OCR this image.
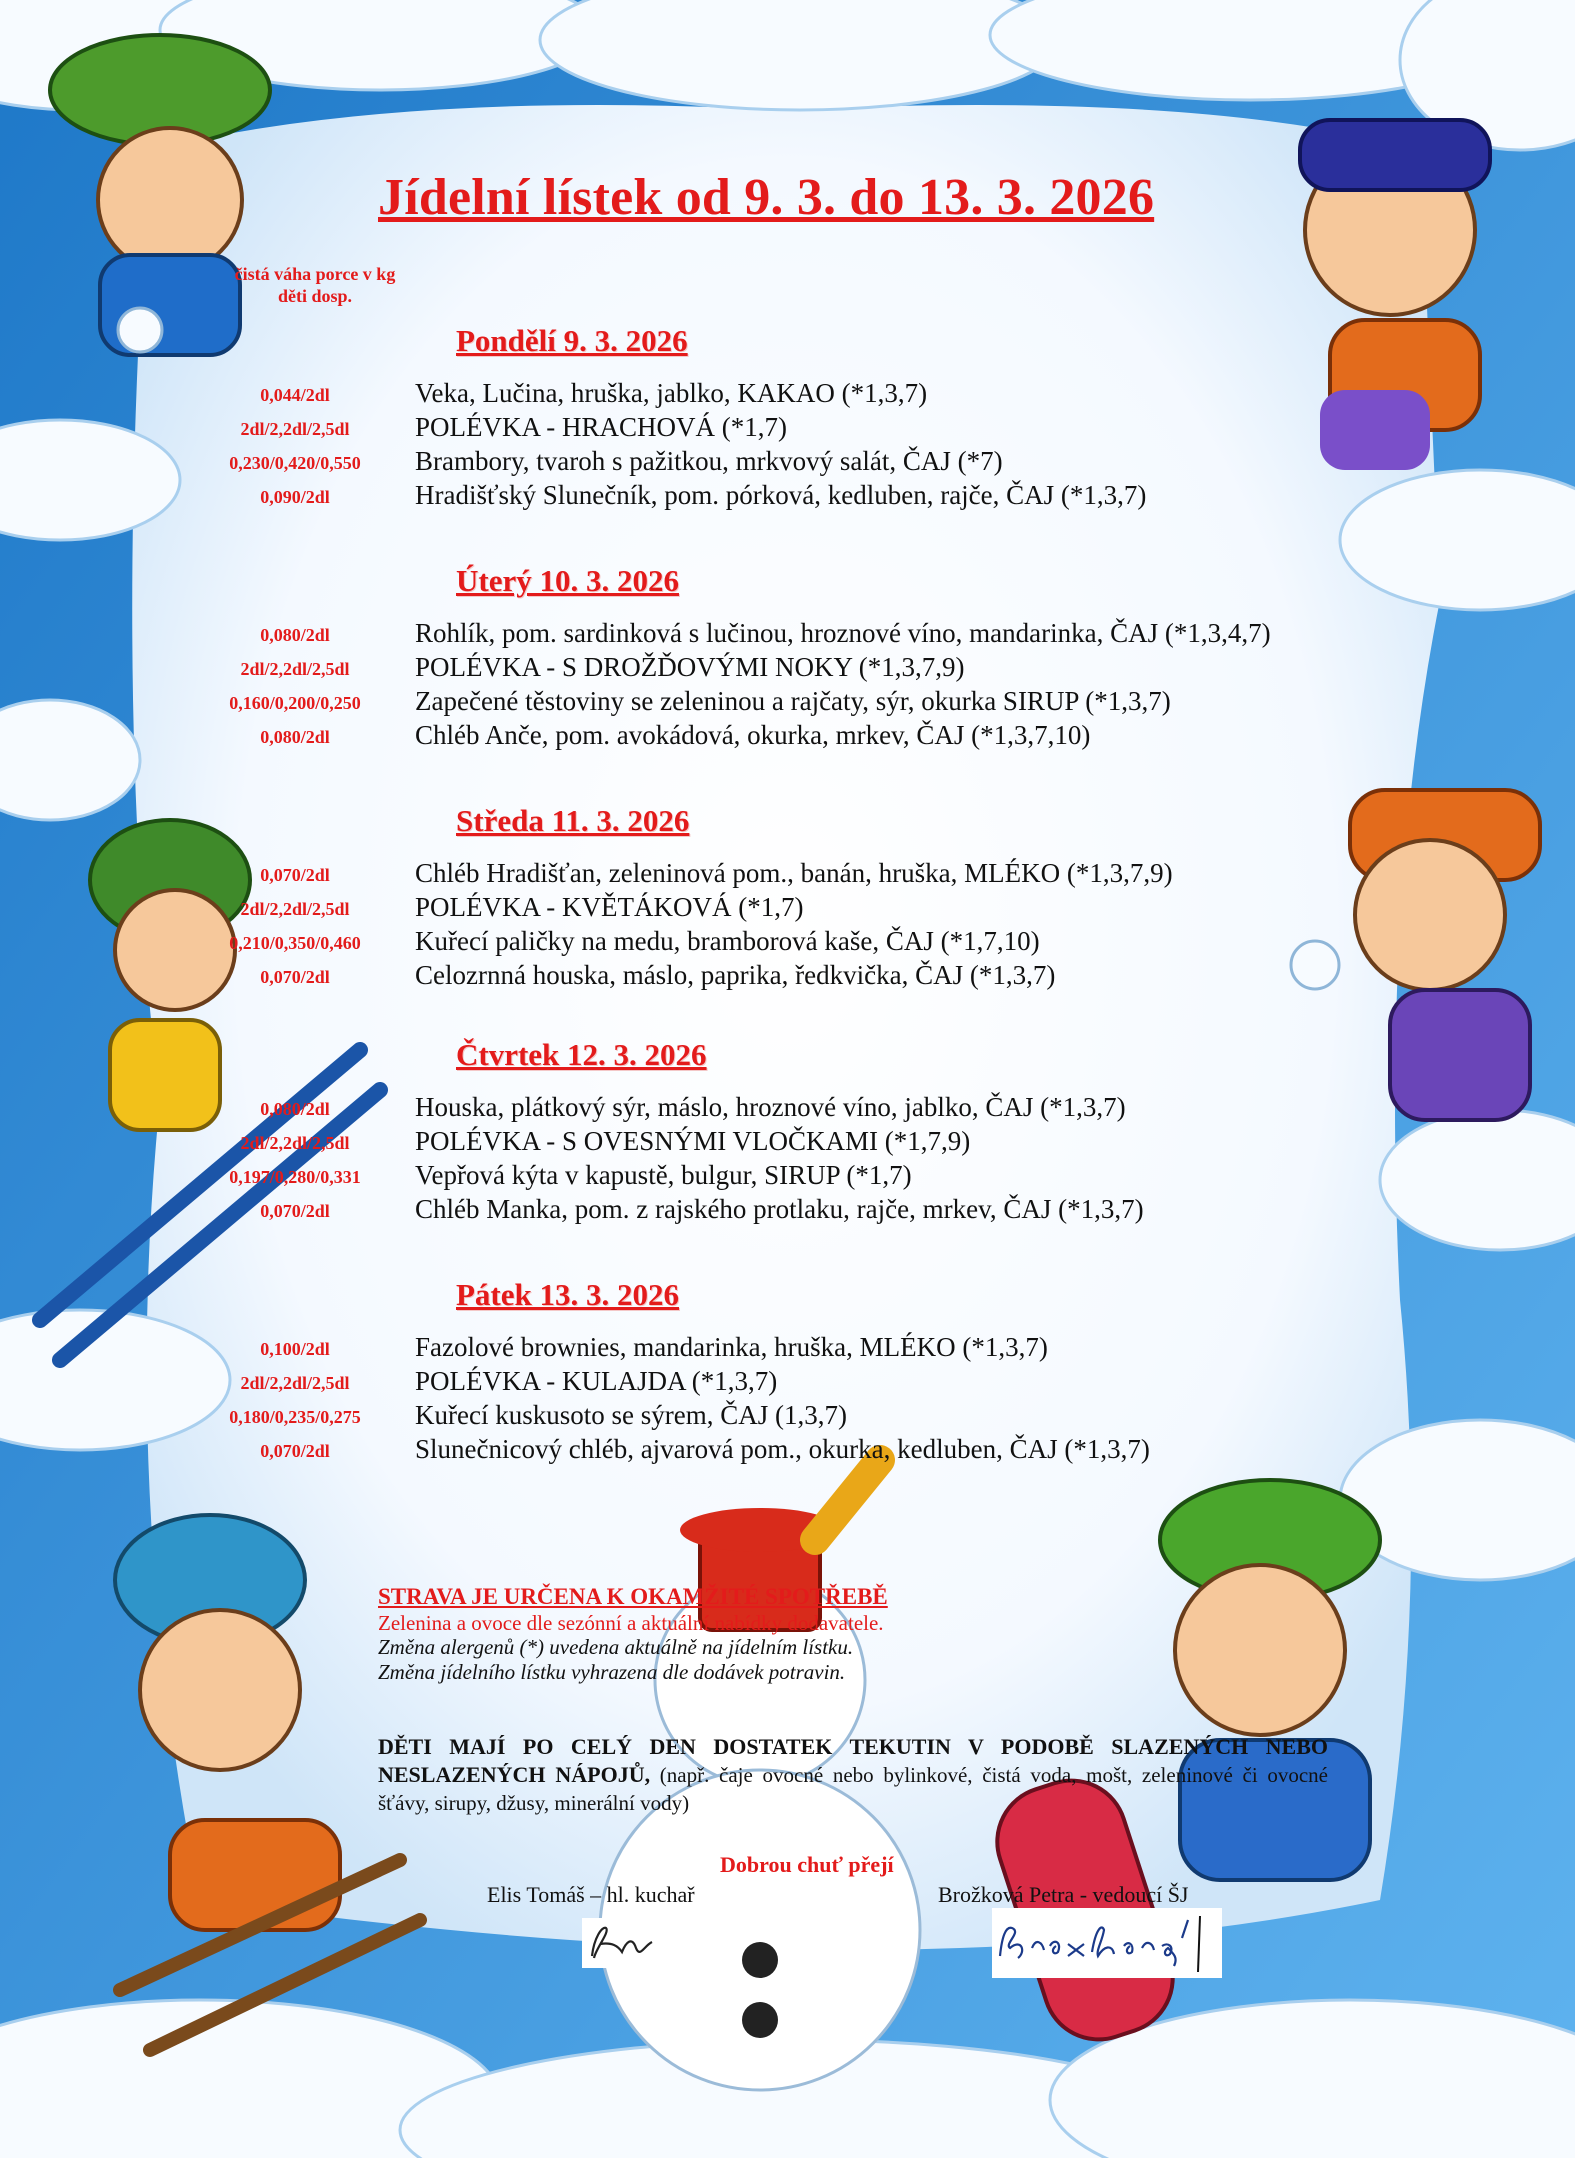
Jídelní lístek od 9. 3. do 13. 3. 2026
čistá váha porce v kg
děti dosp.
Pondělí 9. 3. 2026
0,044/2dl	Veka, Lučina, hruška, jablko, KAKAO (*1,3,7)
2dl/2,2dl/2,5dl	POLÉVKA - HRACHOVÁ (*1,7)
0,230/0,420/0,550	Brambory, tvaroh s pažitkou, mrkvový salát, ČAJ (*7)
0,090/2dl	Hradišťský Slunečník, pom. pórková, kedluben, rajče, ČAJ (*1,3,7)
Úterý 10. 3. 2026
0,080/2dl	Rohlík, pom. sardinková s lučinou, hroznové víno, mandarinka, ČAJ (*1,3,4,7)
2dl/2,2dl/2,5dl	POLÉVKA - S DROŽĎOVÝMI NOKY (*1,3,7,9)
0,160/0,200/0,250	Zapečené těstoviny se zeleninou a rajčaty, sýr, okurka SIRUP (*1,3,7)
0,080/2dl	Chléb Anče, pom. avokádová, okurka, mrkev, ČAJ (*1,3,7,10)
Středa 11. 3. 2026
0,070/2dl	Chléb Hradišťan, zeleninová pom., banán, hruška, MLÉKO (*1,3,7,9)
2dl/2,2dl/2,5dl	POLÉVKA - KVĚTÁKOVÁ (*1,7)
0,210/0,350/0,460	Kuřecí paličky na medu, bramborová kaše, ČAJ (*1,7,10)
0,070/2dl	Celozrnná houska, máslo, paprika, ředkvička, ČAJ (*1,3,7)
Čtvrtek 12. 3. 2026
0,080/2dl	Houska, plátkový sýr, máslo, hroznové víno, jablko, ČAJ (*1,3,7)
2dl/2,2dl/2,5dl	POLÉVKA - S OVESNÝMI VLOČKAMI (*1,7,9)
0,197/0,280/0,331	Vepřová kýta v kapustě, bulgur, SIRUP (*1,7)
0,070/2dl	Chléb Manka, pom. z rajského protlaku, rajče, mrkev, ČAJ (*1,3,7)
Pátek 13. 3. 2026
0,100/2dl	Fazolové brownies, mandarinka, hruška, MLÉKO (*1,3,7)
2dl/2,2dl/2,5dl	POLÉVKA - KULAJDA (*1,3,7)
0,180/0,235/0,275	Kuřecí kuskusoto se sýrem, ČAJ (1,3,7)
0,070/2dl	Slunečnicový chléb, ajvarová pom., okurka, kedluben, ČAJ (*1,3,7)
STRAVA JE URČENA K OKAMŽITÉ SPOTŘEBĚ
Zelenina a ovoce dle sezónní a aktuální nabídky dodavatele.
Změna alergenů (*) uvedena aktuálně na jídelním lístku.
Změna jídelního lístku vyhrazena dle dodávek potravin.
DĚTI MAJÍ PO CELÝ DEN DOSTATEK TEKUTIN V PODOBĚ SLAZENÝCH NEBO NESLAZENÝCH NÁPOJŮ, (např. čaje ovocné nebo bylinkové, čistá voda, mošt, zeleninové či ovocné šťávy, sirupy, džusy, minerální vody)
Dobrou chuť přejí
Elis Tomáš – hl. kuchař	Brožková Petra - vedoucí ŠJ
